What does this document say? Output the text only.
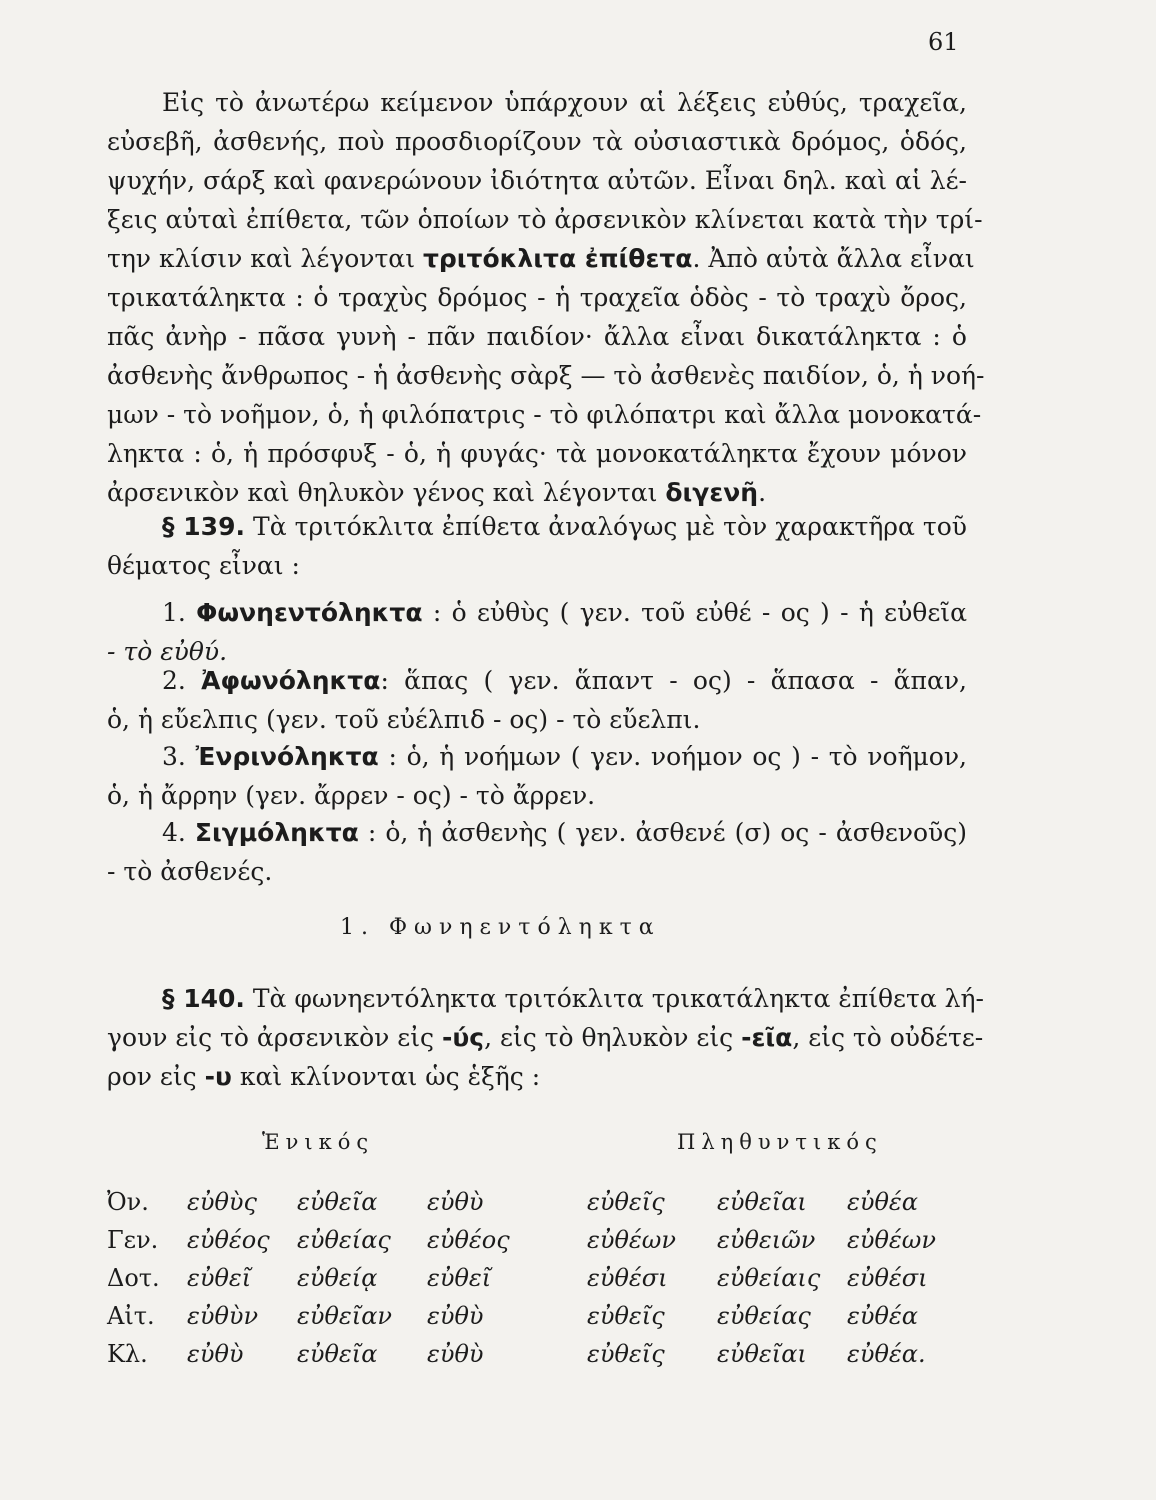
61
Εἰς τὸ ἀνωτέρω κείμενον ὑπάρχουν αἱ λέξεις εὐθύς, τραχεῖα,
εὐσεβῆ, ἀσθενής, ποὺ προσδιορίζουν τὰ οὐσιαστικὰ δρόμος, ὁδός,
ψυχήν, σάρξ καὶ φανερώνουν ἰδιότητα αὐτῶν. Εἶναι δηλ. καὶ αἱ λέ-
ξεις αὐταὶ ἐπίθετα, τῶν ὁποίων τὸ ἀρσενικὸν κλίνεται κατὰ τὴν τρί-
την κλίσιν καὶ λέγονται τριτόκλιτα ἐπίθετα. Ἀπὸ αὐτὰ ἄλλα εἶναι
τρικατάληκτα : ὁ τραχὺς δρόμος - ἡ τραχεῖα ὁδὸς - τὸ τραχὺ ὄρος,
πᾶς ἀνὴρ - πᾶσα γυνὴ - πᾶν παιδίον· ἄλλα εἶναι δικατάληκτα : ὁ
ἀσθενὴς ἄνθρωπος - ἡ ἀσθενὴς σὰρξ — τὸ ἀσθενὲς παιδίον, ὁ, ἡ νοή-
μων - τὸ νοῆμον, ὁ, ἡ φιλόπατρις - τὸ φιλόπατρι καὶ ἄλλα μονοκατά-
ληκτα : ὁ, ἡ πρόσφυξ - ὁ, ἡ φυγάς· τὰ μονοκατάληκτα ἔχουν μόνον
ἀρσενικὸν καὶ θηλυκὸν γένος καὶ λέγονται διγενῆ.
§ 139. Τὰ τριτόκλιτα ἐπίθετα ἀναλόγως μὲ τὸν χαρακτῆρα τοῦ
θέματος εἶναι :
1. Φωνηεντόληκτα : ὁ εὐθὺς ( γεν. τοῦ εὐθέ - ος ) - ἡ εὐθεῖα
- τὸ εὐθύ.
2. Ἀφωνόληκτα: ἅπας ( γεν. ἅπαντ - ος) - ἅπασα - ἅπαν,
ὁ, ἡ εὔελπις (γεν. τοῦ εὐέλπιδ - ος) - τὸ εὔελπι.
3. Ἐνρινόληκτα : ὁ, ἡ νοήμων ( γεν. νοήμον ος ) - τὸ νοῆμον,
ὁ, ἡ ἄρρην (γεν. ἄρρεν - ος) - τὸ ἄρρεν.
4. Σιγμόληκτα : ὁ, ἡ ἀσθενὴς ( γεν. ἀσθενέ (σ) ος - ἀσθενοῦς)
- τὸ ἀσθενές.
§ 140. Τὰ φωνηεντόληκτα τριτόκλιτα τρικατάληκτα ἐπίθετα λή-
γουν εἰς τὸ ἀρσενικὸν εἰς -ύς, εἰς τὸ θηλυκὸν εἰς -εῖα, εἰς τὸ οὐδέτε-
ρον εἰς -υ καὶ κλίνονται ὡς ἑξῆς :
1. Φωνηεντόληκτα
Ἑνικός	Πληθυντικός
Ὀν. εὐθὺς εὐθεῖα εὐθὺ	εὐθεῖς εὐθεῖαι εὐθέα
Γεν. εὐθέος εὐθείας εὐθέος	εὐθέων εὐθειῶν εὐθέων
Δοτ. εὐθεῖ εὐθείᾳ εὐθεῖ	εὐθέσι εὐθείαις εὐθέσι
Αἰτ. εὐθὺν εὐθεῖαν εὐθὺ	εὐθεῖς εὐθείας εὐθέα
Κλ. εὐθὺ εὐθεῖα εὐθὺ	εὐθεῖς εὐθεῖαι εὐθέα.
